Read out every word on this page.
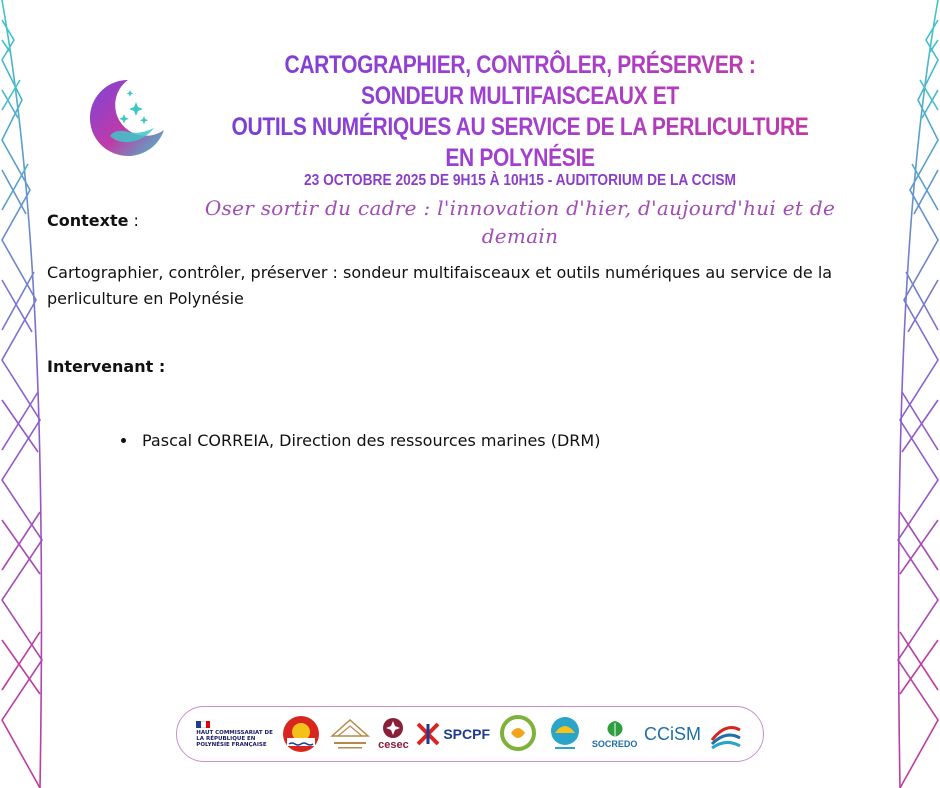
CARTOGRAPHIER, CONTRÔLER, PRÉSERVER : SONDEUR MULTIFAISCEAUX ET
OUTILS NUMÉRIQUES AU SERVICE DE LA PERLICULTURE EN POLYNÉSIE
23 OCTOBRE 2025 DE 9H15 À 10H15 - AUDITORIUM DE LA CCISM
Oser sortir du cadre : l'innovation d'hier, d'aujourd'hui et de demain

Contexte :

Cartographier, contrôler, préserver : sondeur multifaisceaux et outils numériques au service de la perliculture en Polynésie

Intervenant :

• Pascal CORREIA, Direction des ressources marines (DRM)
HAUT COMMISSARIAT DE LA RÉPUBLIQUE EN POLYNÉSIE FRANÇAISE	cesec
SPCPF
SOCREDO
CCiSM
